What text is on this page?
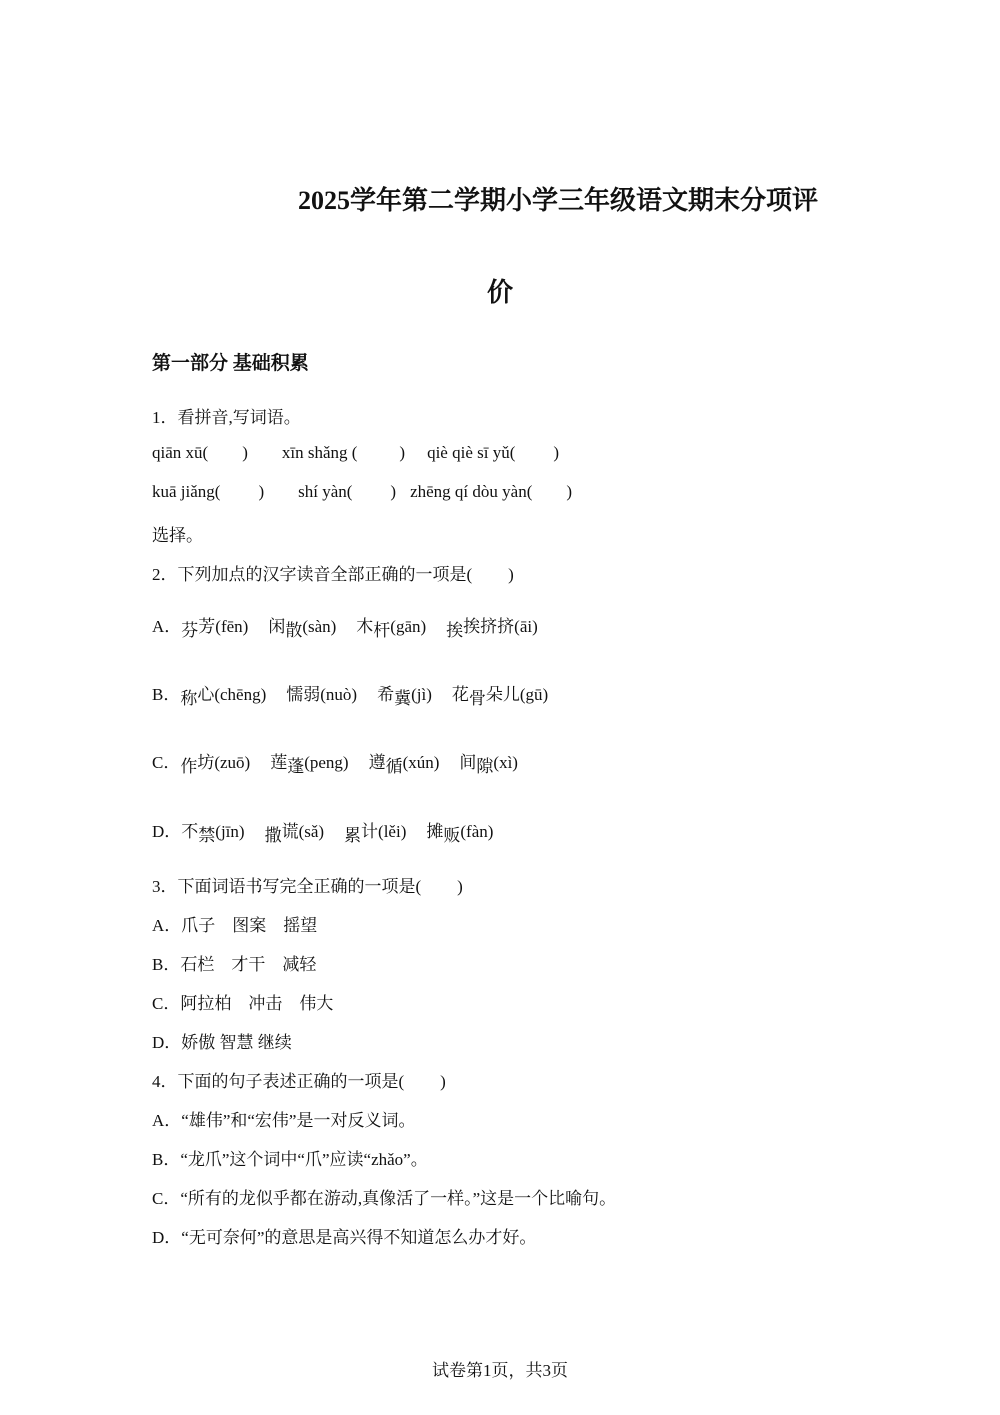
2025学年第二学期小学三年级语文期末分项评
价
第一部分 基础积累
1．看拼音,写词语。
qiān xū( ) xīn shǎng ( ) qiè qiè sī yǔ( )
kuā jiǎng( ) shí yàn( ) zhēng qí dòu yàn( )
选择。
2．下列加点的汉字读音全部正确的一项是( )
A．芬芳(fēn) 闲散(sàn) 木杆(gān) 挨挨挤挤(āi)
B．称心(chēng) 懦弱(nuò) 希冀(jì) 花骨朵儿(gū)
C．作坊(zuō) 莲蓬(peng) 遵循(xún) 间隙(xì)
D．不禁(jīn) 撒谎(sǎ) 累计(lěi) 摊贩(fàn)
3．下面词语书写完全正确的一项是( )
A．爪子　图案　摇望
B．石栏　才干　减轻
C．阿拉柏　冲击　伟大
D．娇傲 智慧 继续
4．下面的句子表述正确的一项是( )
A．“雄伟”和“宏伟”是一对反义词。
B．“龙爪”这个词中“爪”应读“zhǎo”。
C．“所有的龙似乎都在游动,真像活了一样。”这是一个比喻句。
D．“无可奈何”的意思是高兴得不知道怎么办才好。
试卷第1页，共3页
